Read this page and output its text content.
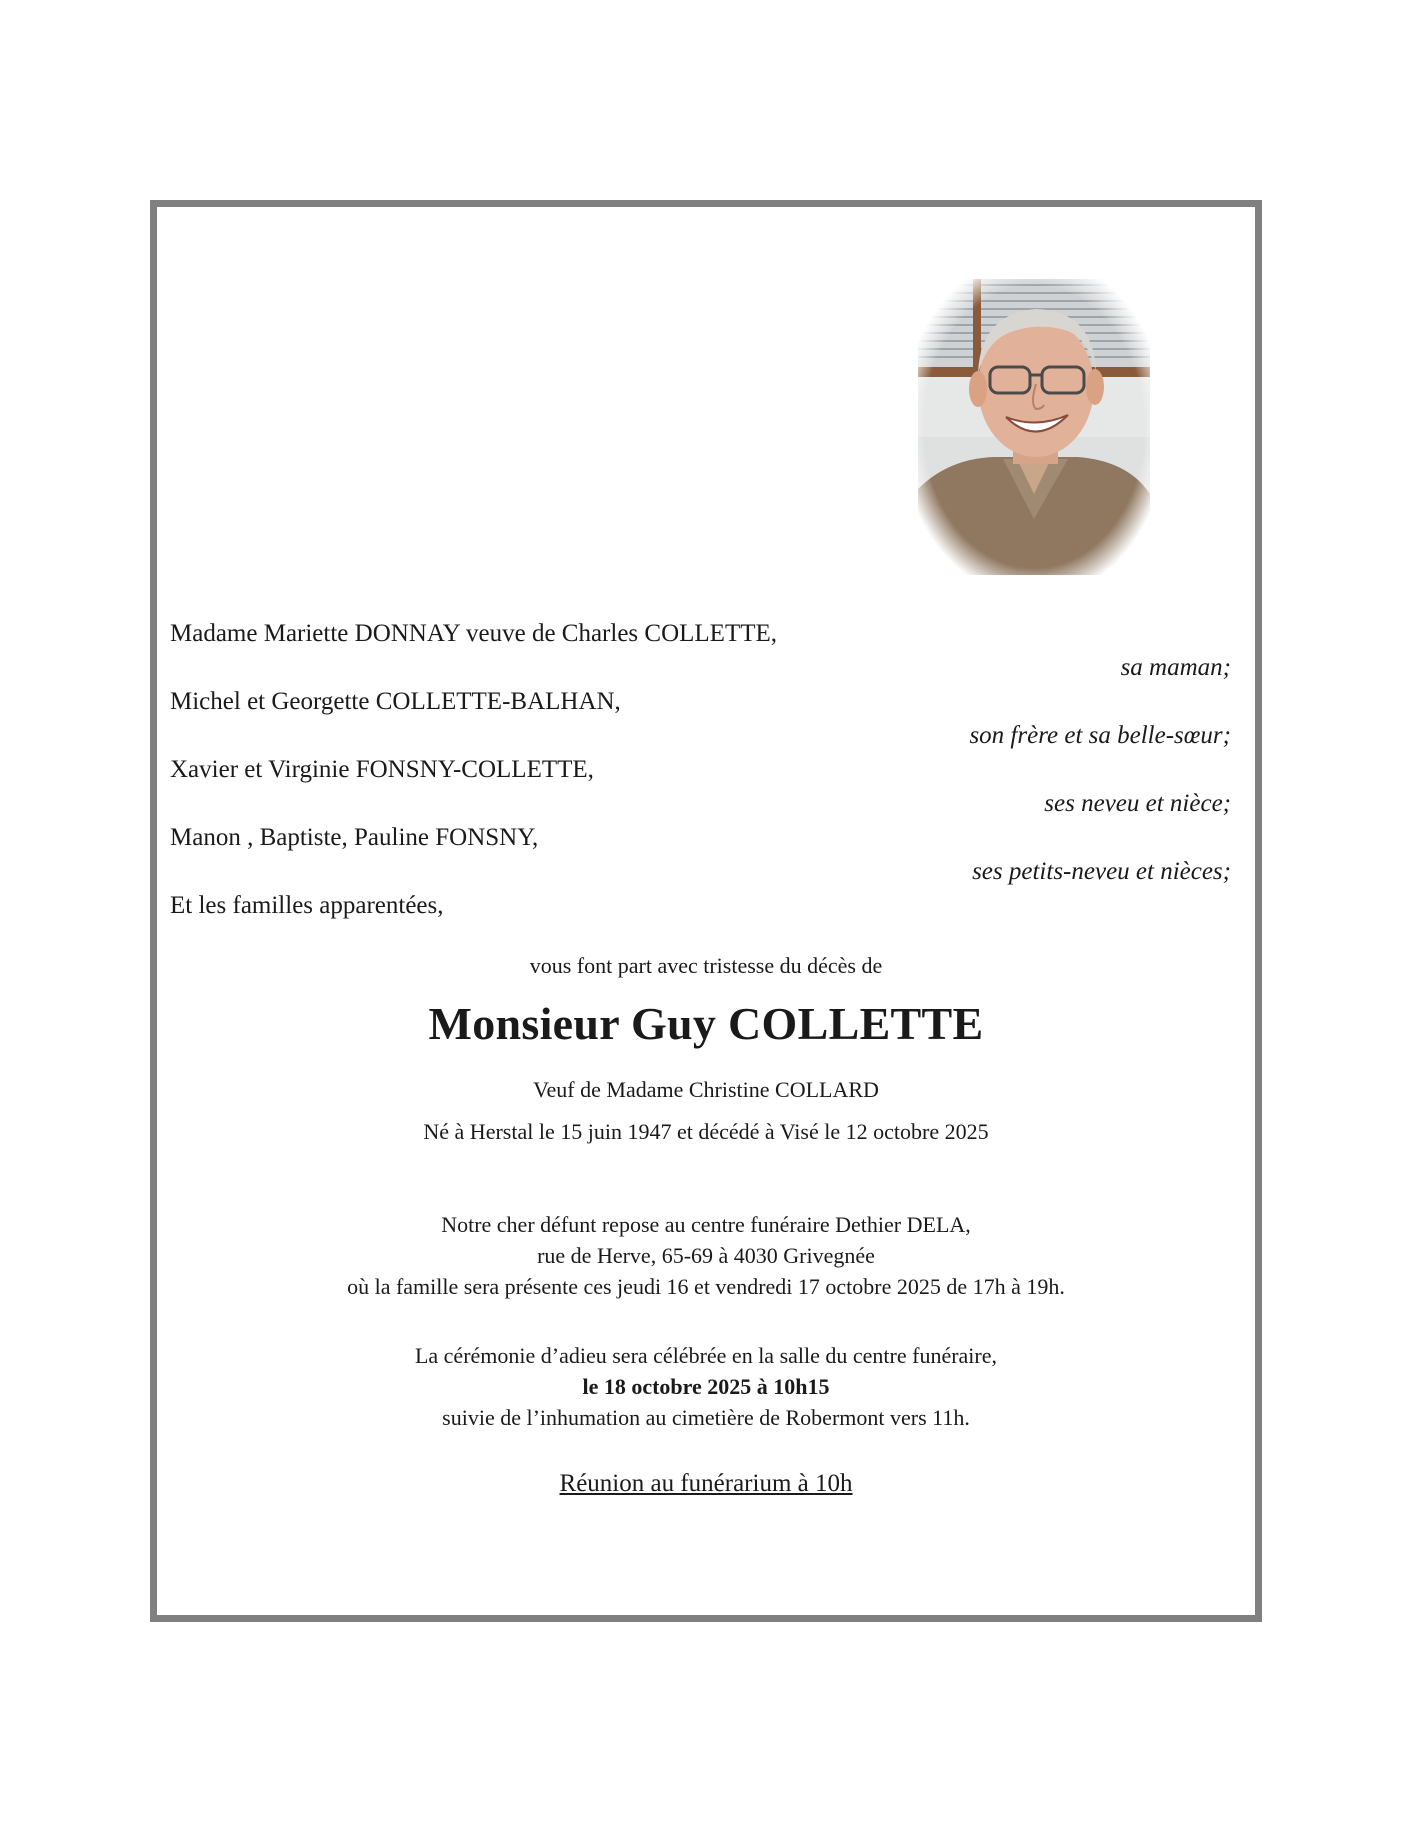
Madame Mariette DONNAY veuve de Charles COLLETTE,
sa maman;
Michel et Georgette COLLETTE-BALHAN,
son frère et sa belle-sœur;
Xavier et Virginie FONSNY-COLLETTE,
ses neveu et nièce;
Manon , Baptiste, Pauline FONSNY,
ses petits-neveu et nièces;
Et les familles apparentées,
vous font part avec tristesse du décès de
Monsieur Guy COLLETTE
Veuf de Madame Christine COLLARD
Né à Herstal le 15 juin 1947 et décédé à Visé le 12 octobre 2025
Notre cher défunt repose au centre funéraire Dethier DELA,
rue de Herve, 65-69 à 4030 Grivegnée
où la famille sera présente ces jeudi 16 et vendredi 17 octobre 2025 de 17h à 19h.
La cérémonie d’adieu sera célébrée en la salle du centre funéraire,
le 18 octobre 2025 à 10h15
suivie de l’inhumation au cimetière de Robermont vers 11h.
Réunion au funérarium à 10h
